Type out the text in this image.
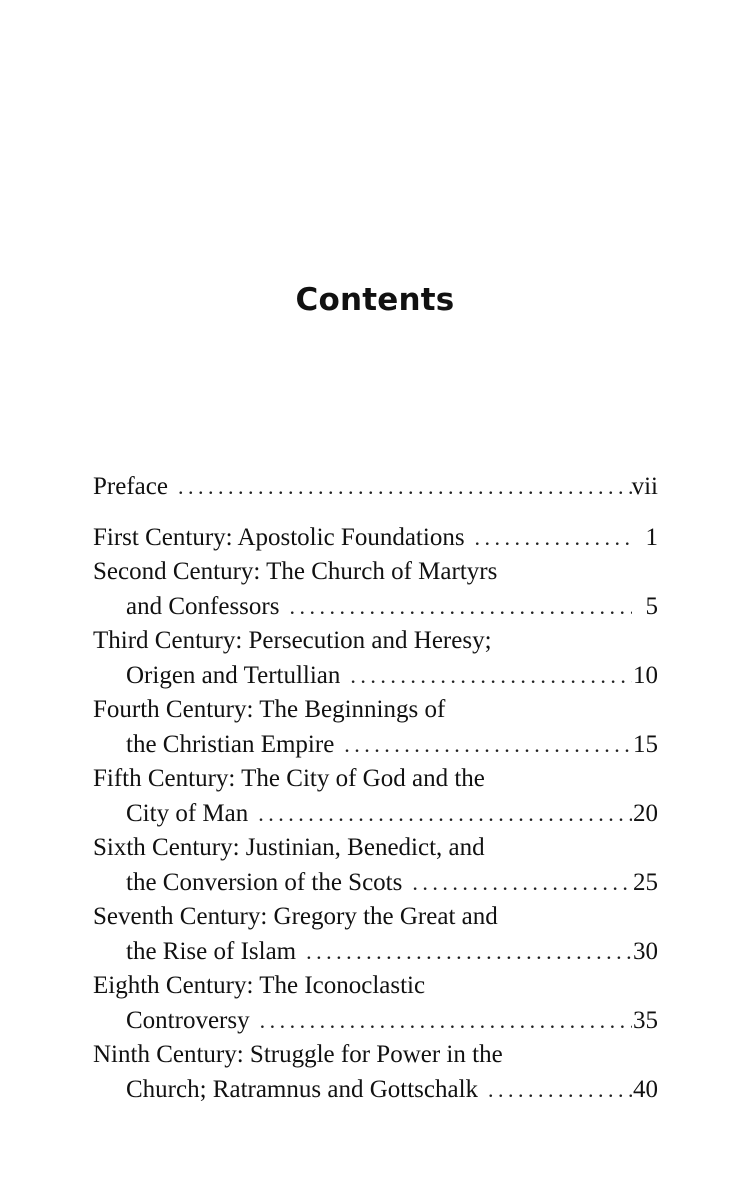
Contents
Preface . . .	vii
First Century: Apostolic Foundations . . .	1
Second Century: The Church of Martyrs
and Confessors . . .	5
Third Century: Persecution and Heresy;
Origen and Tertullian . . .	10
Fourth Century: The Beginnings of
the Christian Empire . . .	15
Fifth Century: The City of God and the
City of Man . . .	20
Sixth Century: Justinian, Benedict, and
the Conversion of the Scots . . .	25
Seventh Century: Gregory the Great and
the Rise of Islam . . .	30
Eighth Century: The Iconoclastic
Controversy . . .	35
Ninth Century: Struggle for Power in the
Church; Ratramnus and Gottschalk . . .	40
